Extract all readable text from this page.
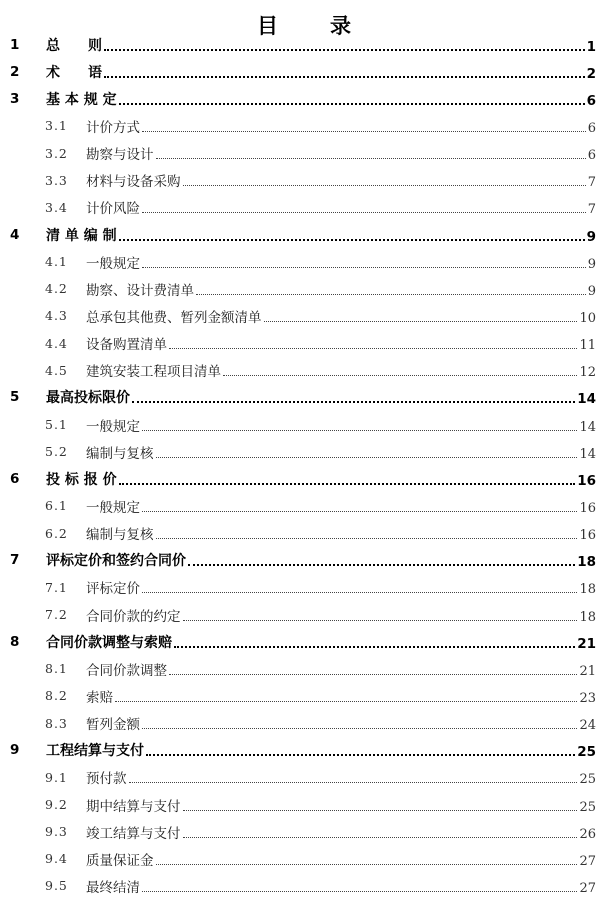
目 录
1	总　　则	1
2	术　　语	2
3	基 本 规 定	6
3.1	计价方式	6
3.2	勘察与设计	6
3.3	材料与设备采购	7
3.4	计价风险	7
4	清 单 编 制	9
4.1	一般规定	9
4.2	勘察、设计费清单	9
4.3	总承包其他费、暂列金额清单	10
4.4	设备购置清单	11
4.5	建筑安装工程项目清单	12
5	最高投标限价	14
5.1	一般规定	14
5.2	编制与复核	14
6	投 标 报 价	16
6.1	一般规定	16
6.2	编制与复核	16
7	评标定价和签约合同价	18
7.1	评标定价	18
7.2	合同价款的约定	18
8	合同价款调整与索赔	21
8.1	合同价款调整	21
8.2	索赔	23
8.3	暂列金额	24
9	工程结算与支付	25
9.1	预付款	25
9.2	期中结算与支付	25
9.3	竣工结算与支付	26
9.4	质量保证金	27
9.5	最终结清	27
